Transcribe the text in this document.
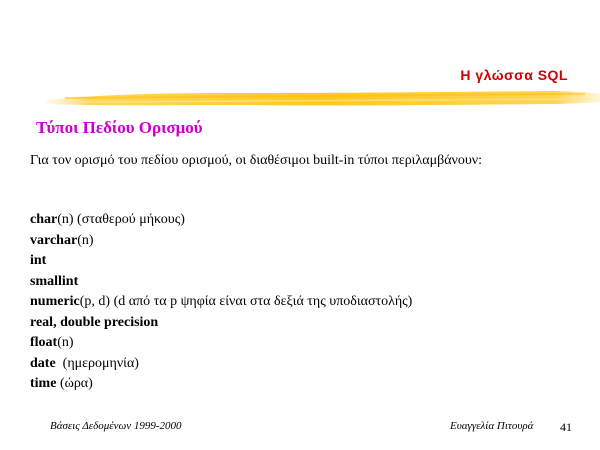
Η γλώσσα SQL
Τύποι Πεδίου Ορισμού
Για τον ορισμό του πεδίου ορισμού, οι διαθέσιμοι built-in τύποι περιλαμβάνουν:
char(n) (σταθερού μήκους)
varchar(n)
int
smallint
numeric(p, d) (d από τα p ψηφία είναι στα δεξιά της υποδιαστολής)
real, double precision
float(n)
date  (ημερομηνία)
time (ώρα)
Βάσεις Δεδομένων 1999-2000	Ευαγγελία Πιτουρά 41
